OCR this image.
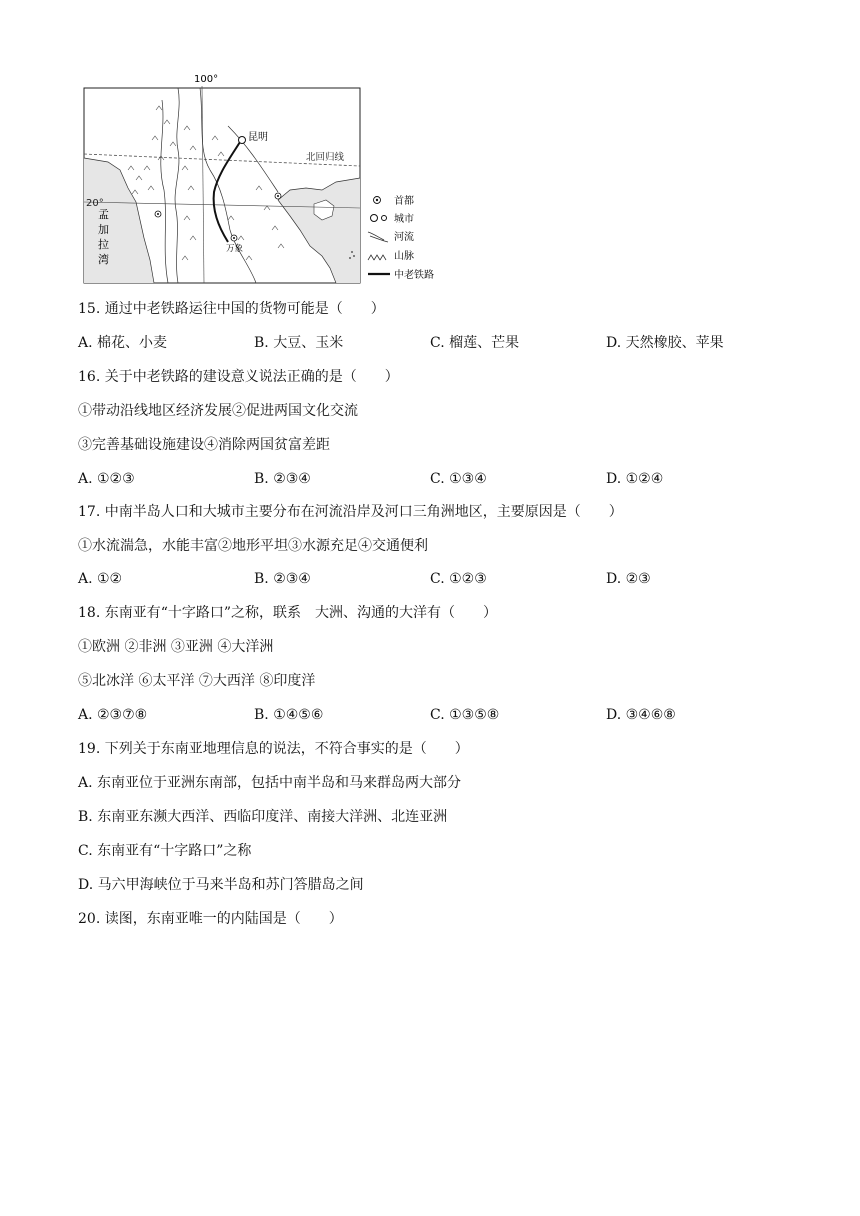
100°
北回归线
20°
昆明
万象
孟
加
拉
湾
首都
城市
河流
山脉
中老铁路
15. 通过中老铁路运往中国的货物可能是（　　）
A. 棉花、小麦	B. 大豆、玉米	C. 榴莲、芒果	D. 天然橡胶、苹果
16. 关于中老铁路的建设意义说法正确的是（　　）
①带动沿线地区经济发展②促进两国文化交流
③完善基础设施建设④消除两国贫富差距
A. ①②③	B. ②③④	C. ①③④	D. ①②④
17. 中南半岛人口和大城市主要分布在河流沿岸及河口三角洲地区，主要原因是（　　）
①水流湍急，水能丰富②地形平坦③水源充足④交通便利
A. ①②	B. ②③④	C. ①②③	D. ②③
18. 东南亚有“十字路口”之称，联系　大洲、沟通的大洋有（　　）
①欧洲 ②非洲 ③亚洲 ④大洋洲
⑤北冰洋 ⑥太平洋 ⑦大西洋 ⑧印度洋
A. ②③⑦⑧	B. ①④⑤⑥	C. ①③⑤⑧	D. ③④⑥⑧
19. 下列关于东南亚地理信息的说法，不符合事实的是（　　）
A. 东南亚位于亚洲东南部，包括中南半岛和马来群岛两大部分
B. 东南亚东濒大西洋、西临印度洋、南接大洋洲、北连亚洲
C. 东南亚有“十字路口”之称
D. 马六甲海峡位于马来半岛和苏门答腊岛之间
20. 读图，东南亚唯一的内陆国是（　　）
